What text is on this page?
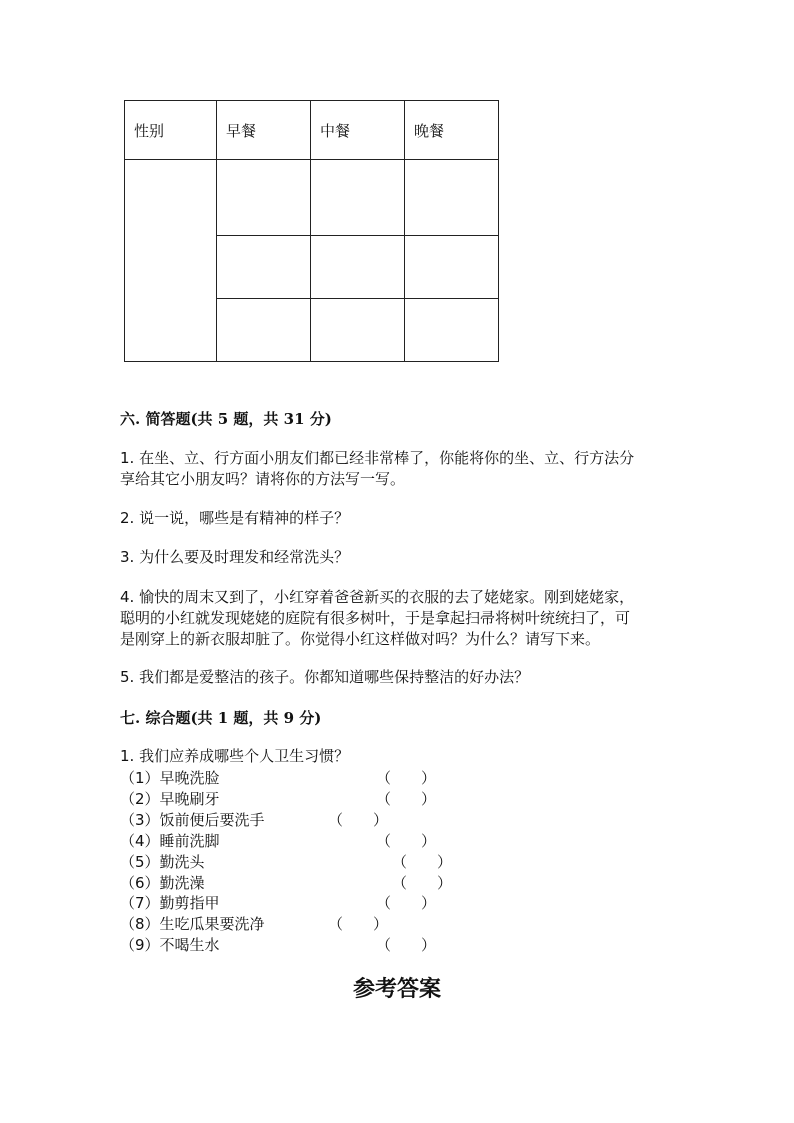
性别	早餐	中餐	晚餐

六. 简答题(共 5 题，共 31 分)
1. 在坐、立、行方面小朋友们都已经非常棒了，你能将你的坐、立、行方法分
享给其它小朋友吗？请将你的方法写一写。
2. 说一说，哪些是有精神的样子？
3. 为什么要及时理发和经常洗头？
4. 愉快的周末又到了，小红穿着爸爸新买的衣服的去了姥姥家。刚到姥姥家，
聪明的小红就发现姥姥的庭院有很多树叶，于是拿起扫帚将树叶统统扫了，可
是刚穿上的新衣服却脏了。你觉得小红这样做对吗？为什么？请写下来。
5. 我们都是爱整洁的孩子。你都知道哪些保持整洁的好办法？
七. 综合题(共 1 题，共 9 分)
1. 我们应养成哪些个人卫生习惯？
（1）早晚洗脸	（　　）
（2）早晚刷牙	（　　）
（3）饭前便后要洗手	（　　）
（4）睡前洗脚	（　　）
（5）勤洗头	（　　）
（6）勤洗澡	（　　）
（7）勤剪指甲	（　　）
（8）生吃瓜果要洗净	（　　）
（9）不喝生水	（　　）
参考答案
